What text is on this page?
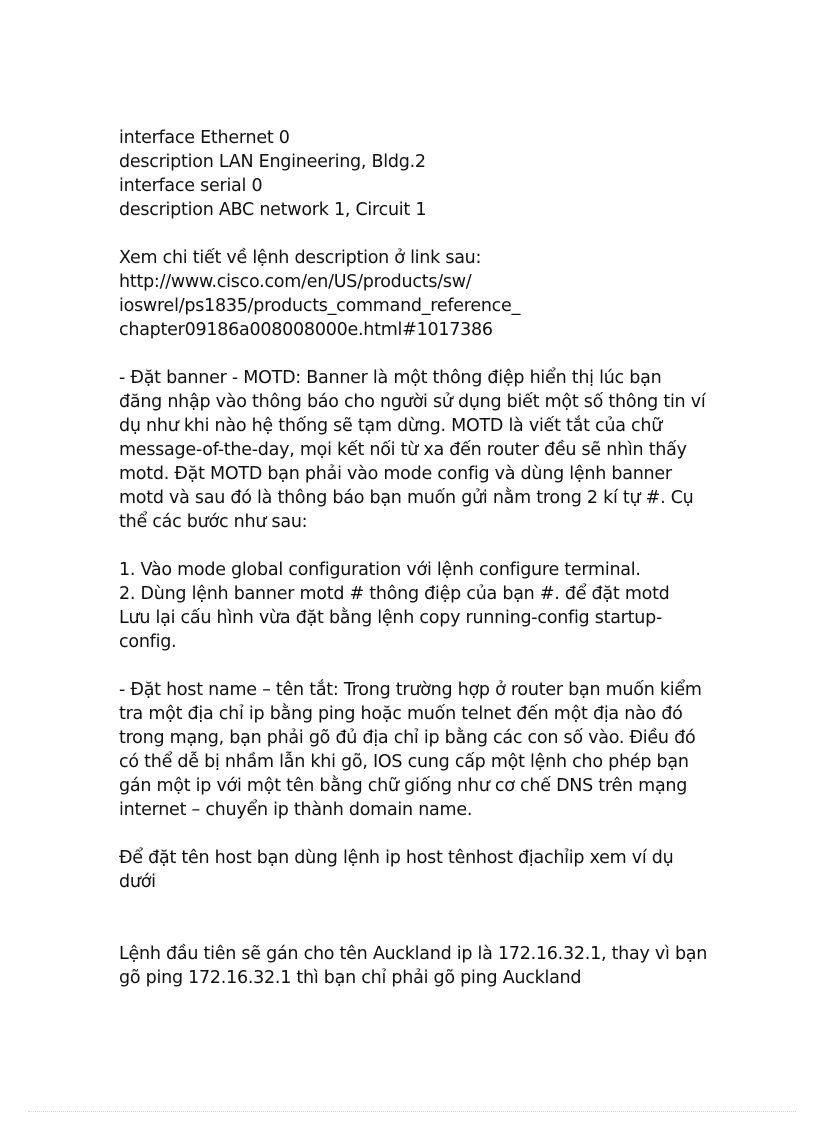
interface Ethernet 0
description LAN Engineering, Bldg.2
interface serial 0
description ABC network 1, Circuit 1
Xem chi tiết về lệnh description ở link sau:
http://www.cisco.com/en/US/products/sw/
ioswrel/ps1835/products_command_reference_
chapter09186a008008000e.html#1017386
- Đặt banner - MOTD: Banner là một thông điệp hiển thị lúc bạn
đăng nhập vào thông báo cho người sử dụng biết một số thông tin ví
dụ như khi nào hệ thống sẽ tạm dừng. MOTD là viết tắt của chữ
message-of-the-day, mọi kết nối từ xa đến router đều sẽ nhìn thấy
motd. Đặt MOTD bạn phải vào mode config và dùng lệnh banner
motd và sau đó là thông báo bạn muốn gửi nằm trong 2 kí tự #. Cụ
thể các bước như sau:
1. Vào mode global configuration với lệnh configure terminal.
2. Dùng lệnh banner motd # thông điệp của bạn #. để đặt motd
Lưu lại cấu hình vừa đặt bằng lệnh copy running-config startup-
config.
- Đặt host name – tên tắt: Trong trường hợp ở router bạn muốn kiểm
tra một địa chỉ ip bằng ping hoặc muốn telnet đến một địa nào đó
trong mạng, bạn phải gõ đủ địa chỉ ip bằng các con số vào. Điều đó
có thể dễ bị nhầm lẫn khi gõ, IOS cung cấp một lệnh cho phép bạn
gán một ip với một tên bằng chữ giống như cơ chế DNS trên mạng
internet – chuyển ip thành domain name.
Để đặt tên host bạn dùng lệnh ip host tênhost địachỉip xem ví dụ
dưới
Lệnh đầu tiên sẽ gán cho tên Auckland ip là 172.16.32.1, thay vì bạn
gõ ping 172.16.32.1 thì bạn chỉ phải gõ ping Auckland
